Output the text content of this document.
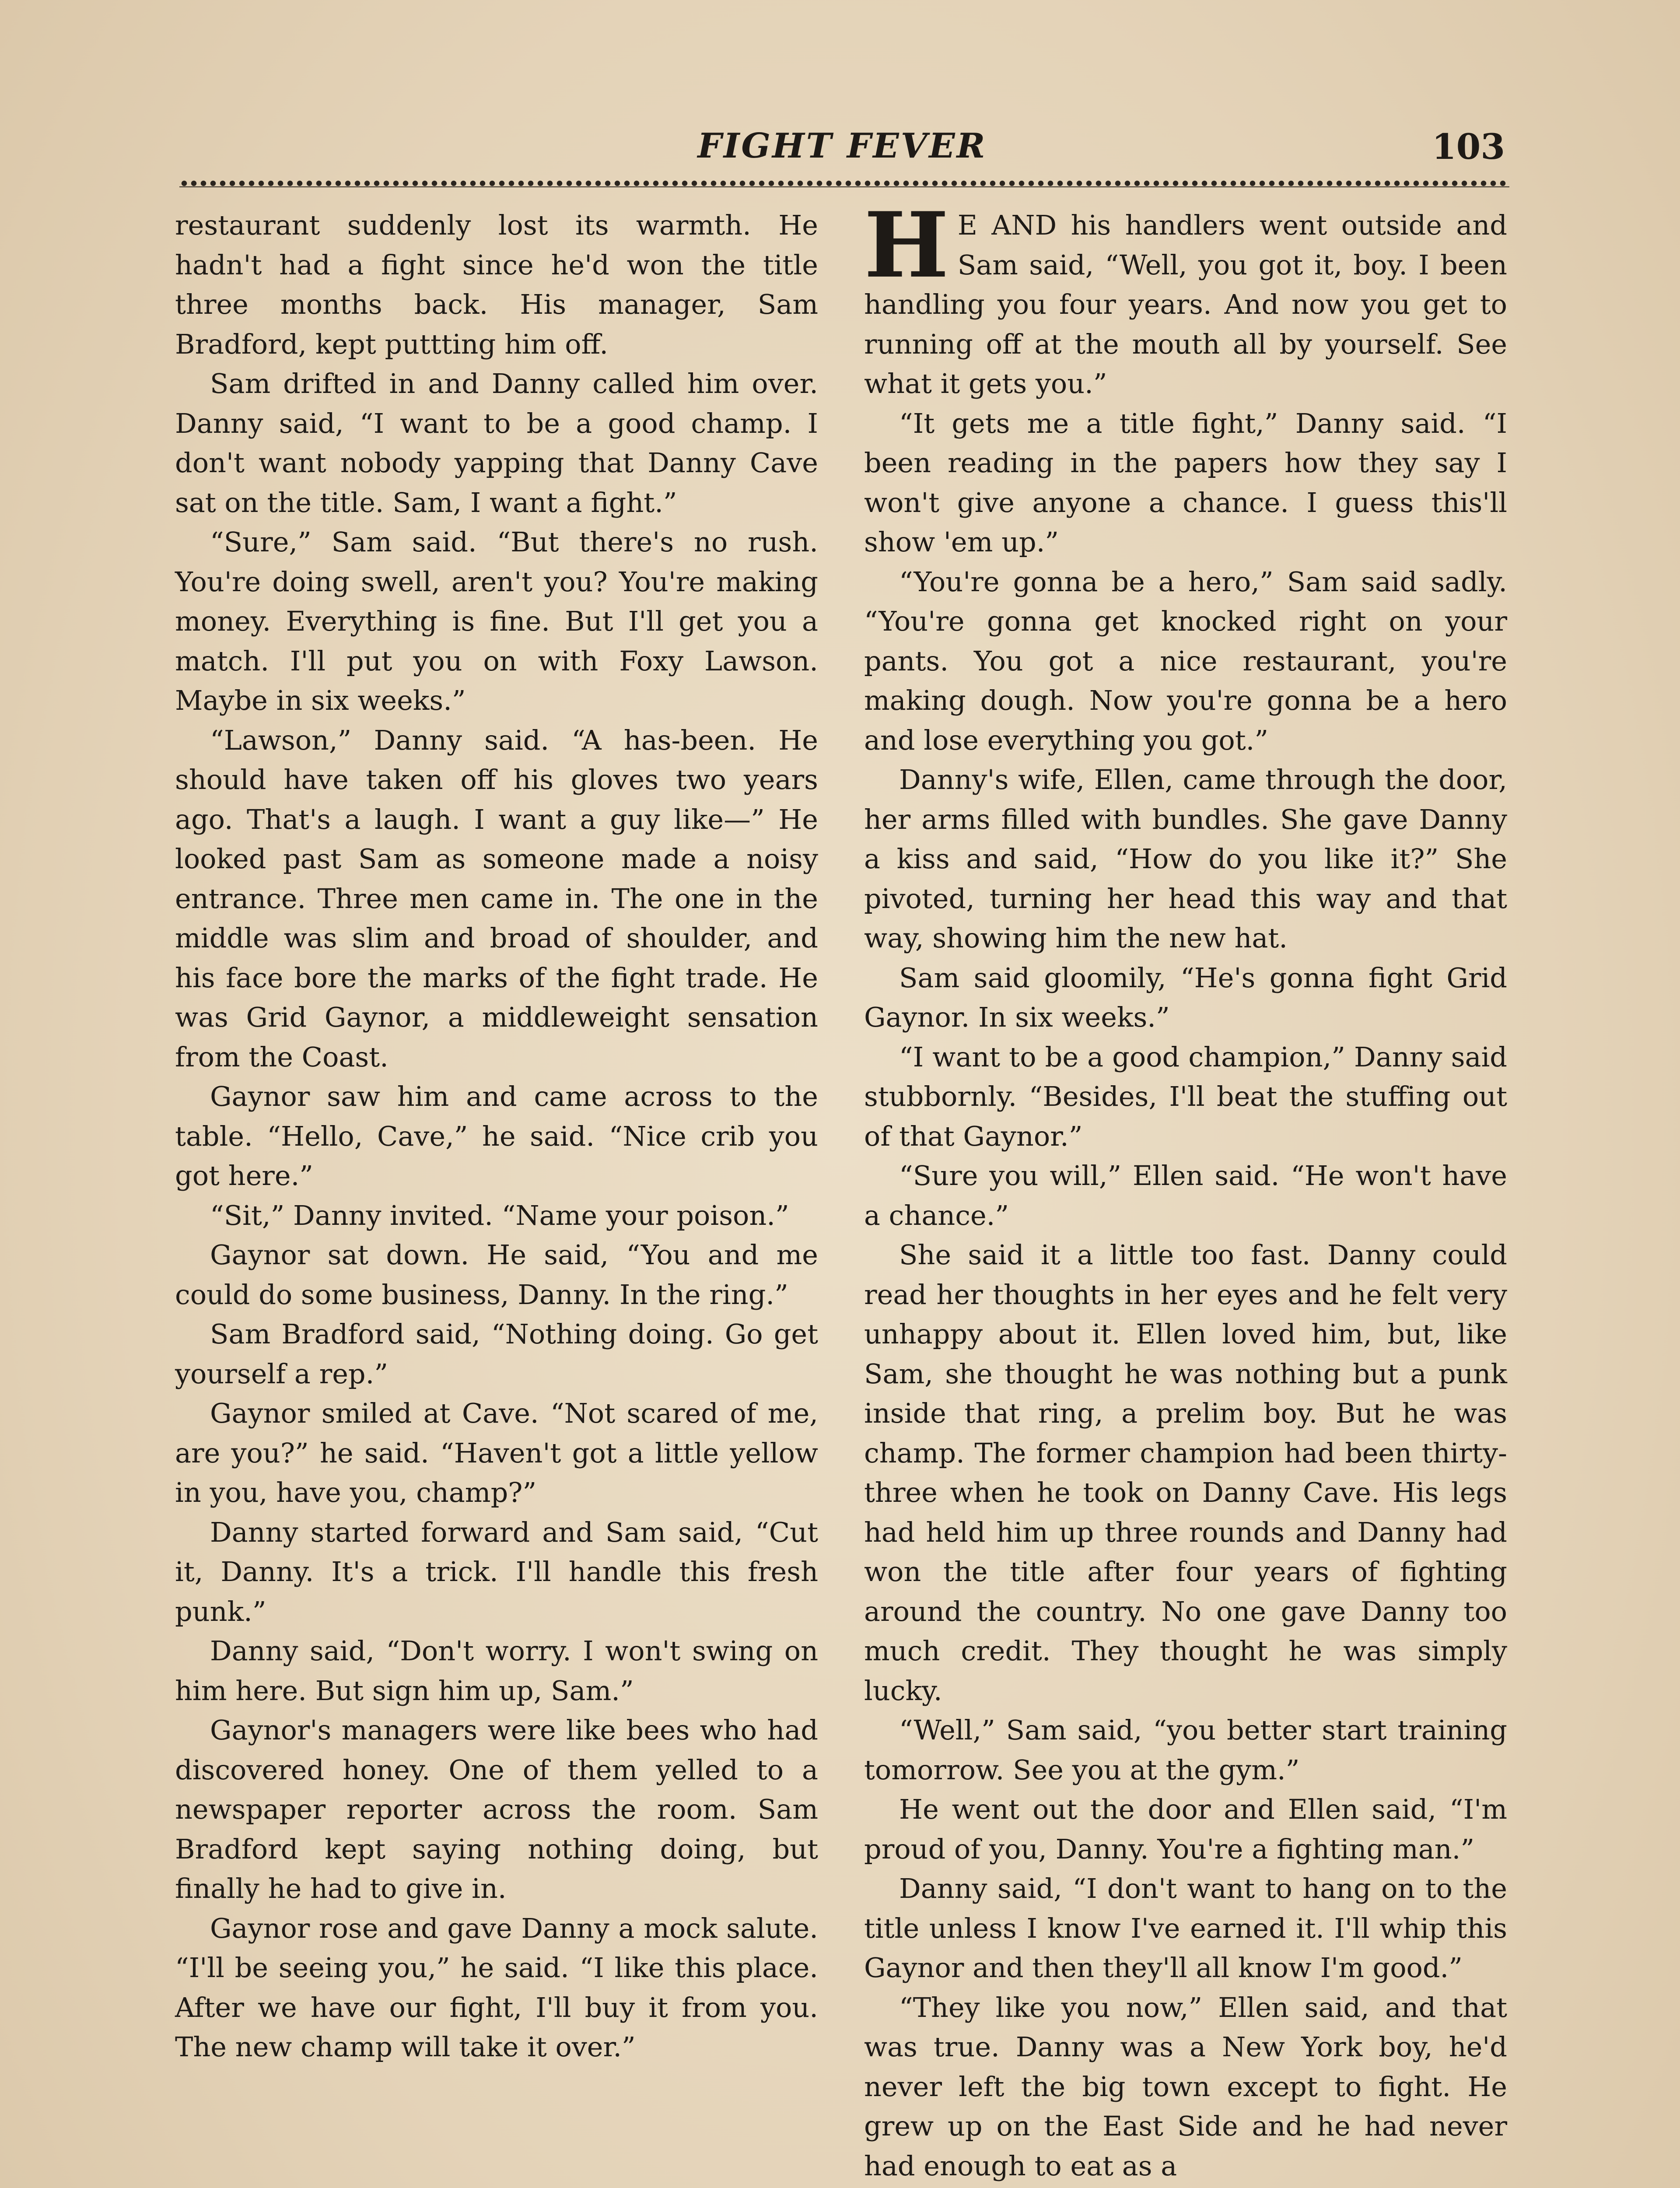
FIGHT FEVER	103

restaurant suddenly lost its warmth. He hadn't had a fight since he'd won the title three months back. His manager, Sam Bradford, kept puttting him off.

Sam drifted in and Danny called him over. Danny said, “I want to be a good champ. I don't want nobody yapping that Danny Cave sat on the title. Sam, I want a fight.”

“Sure,” Sam said. “But there's no rush. You're doing swell, aren't you? You're making money. Everything is fine. But I'll get you a match. I'll put you on with Foxy Lawson. Maybe in six weeks.”

“Lawson,” Danny said. “A has-been. He should have taken off his gloves two years ago. That's a laugh. I want a guy like—” He looked past Sam as someone made a noisy entrance. Three men came in. The one in the middle was slim and broad of shoulder, and his face bore the marks of the fight trade. He was Grid Gaynor, a middleweight sensation from the Coast.

Gaynor saw him and came across to the table. “Hello, Cave,” he said. “Nice crib you got here.”

“Sit,” Danny invited. “Name your poison.”

Gaynor sat down. He said, “You and me could do some business, Danny. In the ring.”

Sam Bradford said, “Nothing doing. Go get yourself a rep.”

Gaynor smiled at Cave. “Not scared of me, are you?” he said. “Haven't got a little yellow in you, have you, champ?”

Danny started forward and Sam said, “Cut it, Danny. It's a trick. I'll handle this fresh punk.”

Danny said, “Don't worry. I won't swing on him here. But sign him up, Sam.”

Gaynor's managers were like bees who had discovered honey. One of them yelled to a newspaper reporter across the room. Sam Bradford kept saying nothing doing, but finally he had to give in.

Gaynor rose and gave Danny a mock salute. “I'll be seeing you,” he said. “I like this place. After we have our fight, I'll buy it from you. The new champ will take it over.”

H E AND his handlers went outside and Sam said, “Well, you got it, boy. I been handling you four years. And now you get to running off at the mouth all by yourself. See what it gets you.”

“It gets me a title fight,” Danny said. “I been reading in the papers how they say I won't give anyone a chance. I guess this'll show 'em up.”

“You're gonna be a hero,” Sam said sadly. “You're gonna get knocked right on your pants. You got a nice restaurant, you're making dough. Now you're gonna be a hero and lose everything you got.”

Danny's wife, Ellen, came through the door, her arms filled with bundles. She gave Danny a kiss and said, “How do you like it?” She pivoted, turning her head this way and that way, showing him the new hat.

Sam said gloomily, “He's gonna fight Grid Gaynor. In six weeks.”

“I want to be a good champion,” Danny said stubbornly. “Besides, I'll beat the stuffing out of that Gaynor.”

“Sure you will,” Ellen said. “He won't have a chance.”

She said it a little too fast. Danny could read her thoughts in her eyes and he felt very unhappy about it. Ellen loved him, but, like Sam, she thought he was nothing but a punk inside that ring, a prelim boy. But he was champ. The former champion had been thirty-three when he took on Danny Cave. His legs had held him up three rounds and Danny had won the title after four years of fighting around the country. No one gave Danny too much credit. They thought he was simply lucky.

“Well,” Sam said, “you better start training tomorrow. See you at the gym.”

He went out the door and Ellen said, “I'm proud of you, Danny. You're a fighting man.”

Danny said, “I don't want to hang on to the title unless I know I've earned it. I'll whip this Gaynor and then they'll all know I'm good.”

“They like you now,” Ellen said, and that was true. Danny was a New York boy, he'd never left the big town except to fight. He grew up on the East Side and he had never had enough to eat as a
